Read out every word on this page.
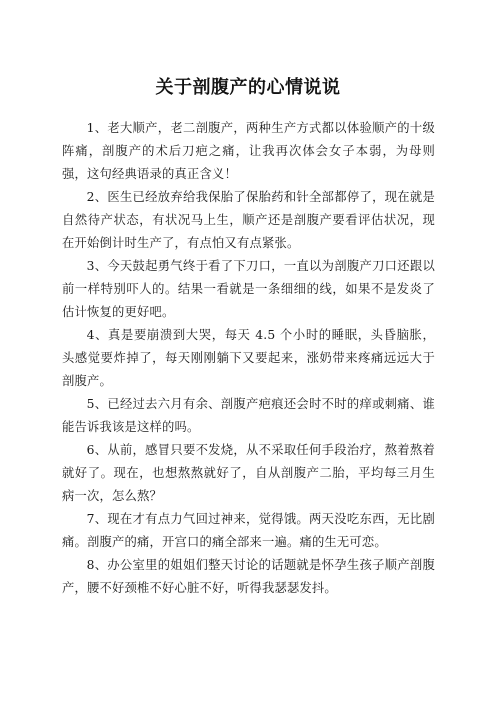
关于剖腹产的心情说说

1、老大顺产，老二剖腹产，两种生产方式都以体验顺产的十级阵痛，剖腹产的术后刀疤之痛，让我再次体会女子本弱，为母则强，这句经典语录的真正含义！

2、医生已经放弃给我保胎了保胎药和针全部都停了，现在就是自然待产状态，有状况马上生，顺产还是剖腹产要看评估状况，现在开始倒计时生产了，有点怕又有点紧张。

3、今天鼓起勇气终于看了下刀口，一直以为剖腹产刀口还跟以前一样特别吓人的。结果一看就是一条细细的线，如果不是发炎了估计恢复的更好吧。

4、真是要崩溃到大哭，每天 4.5 个小时的睡眠，头昏脑胀，头感觉要炸掉了，每天刚刚躺下又要起来，涨奶带来疼痛远远大于剖腹产。

5、已经过去六月有余、剖腹产疤痕还会时不时的痒或刺痛、谁能告诉我该是这样的吗。

6、从前，感冒只要不发烧，从不采取任何手段治疗，熬着熬着就好了。现在，也想熬熬就好了，自从剖腹产二胎，平均每三月生病一次，怎么熬？

7、现在才有点力气回过神来，觉得饿。两天没吃东西，无比剧痛。剖腹产的痛，开宫口的痛全部来一遍。痛的生无可恋。

8、办公室里的姐姐们整天讨论的话题就是怀孕生孩子顺产剖腹产，腰不好颈椎不好心脏不好，听得我瑟瑟发抖。
